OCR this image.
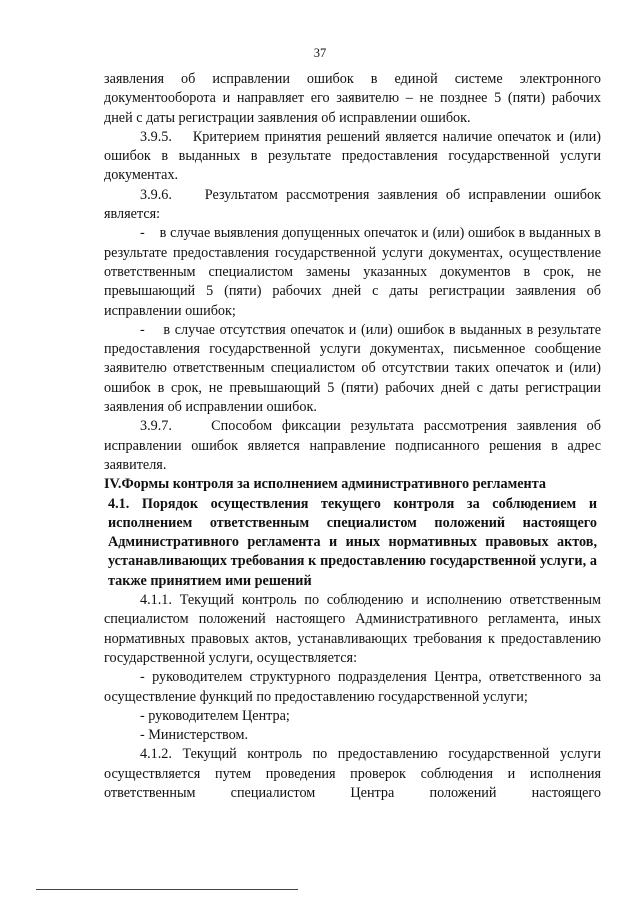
37

заявления об исправлении ошибок в единой системе электронного документооборота и направляет его заявителю – не позднее 5 (пяти) рабочих дней с даты регистрации заявления об исправлении ошибок.

3.9.5.    Критерием принятия решений является наличие опечаток и (или) ошибок в выданных в результате предоставления государственной услуги документах.

3.9.6.    Результатом рассмотрения заявления об исправлении ошибок является:

-    в случае выявления допущенных опечаток и (или) ошибок в выданных в результате предоставления государственной услуги документах, осуществление ответственным специалистом замены указанных документов в срок, не превышающий 5 (пяти) рабочих дней с даты регистрации заявления об исправлении ошибок;

-    в случае отсутствия опечаток и (или) ошибок в выданных в результате предоставления государственной услуги документах, письменное сообщение заявителю ответственным специалистом об отсутствии таких опечаток и (или) ошибок в срок, не превышающий 5 (пяти) рабочих дней с даты регистрации заявления об исправлении ошибок.

3.9.7.    Способом фиксации результата рассмотрения заявления об исправлении ошибок является направление подписанного решения в адрес заявителя.

IV.Формы контроля за исполнением административного регламента

4.1. Порядок осуществления текущего контроля за соблюдением и исполнением ответственным специалистом положений настоящего Административного регламента и иных нормативных правовых актов, устанавливающих требования к предоставлению государственной услуги, а также принятием ими решений

4.1.1. Текущий контроль по соблюдению и исполнению ответственным специалистом положений настоящего Административного регламента, иных нормативных правовых актов, устанавливающих требования к предоставлению государственной услуги, осуществляется:

- руководителем структурного подразделения Центра, ответственного за осуществление функций по предоставлению государственной услуги;

- руководителем Центра;

- Министерством.

4.1.2. Текущий контроль по предоставлению государственной услуги осуществляется путем проведения проверок соблюдения и исполнения ответственным специалистом Центра положений настоящего
